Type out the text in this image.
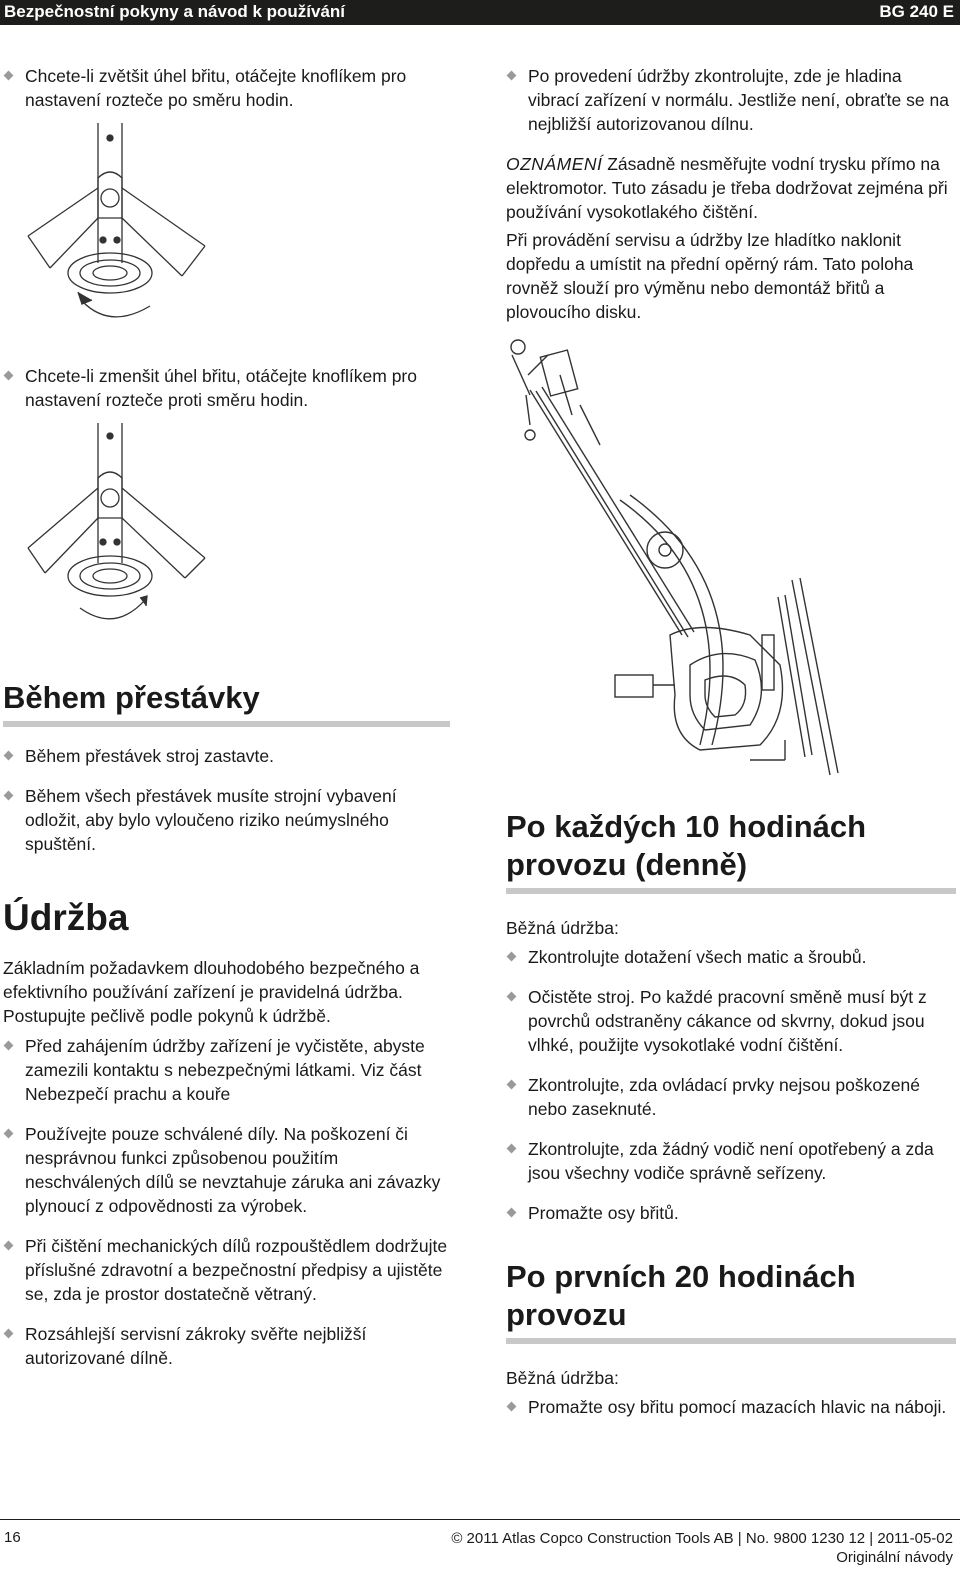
Bezpečnostní pokyny a návod k používání	BG 240 E
Chcete-li zvětšit úhel břitu, otáčejte knoflíkem pro nastavení rozteče po směru hodin.
Chcete-li zmenšit úhel břitu, otáčejte knoflíkem pro nastavení rozteče proti směru hodin.
Během přestávky
Během přestávek stroj zastavte.
Během všech přestávek musíte strojní vybavení odložit, aby bylo vyloučeno riziko neúmyslného spuštění.
Údržba

Základním požadavkem dlouhodobého bezpečného a efektivního používání zařízení je pravidelná údržba. Postupujte pečlivě podle pokynů k údržbě.

Před zahájením údržby zařízení je vyčistěte, abyste zamezili kontaktu s nebezpečnými látkami. Viz část Nebezpečí prachu a kouře
Používejte pouze schválené díly. Na poškození či nesprávnou funkci způsobenou použitím neschválených dílů se nevztahuje záruka ani závazky plynoucí z odpovědnosti za výrobek.
Při čištění mechanických dílů rozpouštědlem dodržujte příslušné zdravotní a bezpečnostní předpisy a ujistěte se, zda je prostor dostatečně větraný.
Rozsáhlejší servisní zákroky svěřte nejbližší autorizované dílně.
Po provedení údržby zkontrolujte, zde je hladina vibrací zařízení v normálu. Jestliže není, obraťte se na nejbližší autorizovanou dílnu.

OZNÁMENÍ Zásadně nesměřujte vodní trysku přímo na elektromotor. Tuto zásadu je třeba dodržovat zejména při používání vysokotlakého čištění.

Při provádění servisu a údržby lze hladítko naklonit dopředu a umístit na přední opěrný rám. Tato poloha rovněž slouží pro výměnu nebo demontáž břitů a plovoucího disku.

Po každých 10 hodinách provozu (denně)

Běžná údržba:

Zkontrolujte dotažení všech matic a šroubů.
Očistěte stroj. Po každé pracovní směně musí být z povrchů odstraněny cákance od skvrny, dokud jsou vlhké, použijte vysokotlaké vodní čištění.
Zkontrolujte, zda ovládací prvky nejsou poškozené nebo zaseknuté.
Zkontrolujte, zda žádný vodič není opotřebený a zda jsou všechny vodiče správně seřízeny.
Promažte osy břitů.
Po prvních 20 hodinách provozu

Běžná údržba:

Promažte osy břitu pomocí mazacích hlavic na náboji.
16	© 2011 Atlas Copco Construction Tools AB | No. 9800 1230 12 | 2011-05-02
Originální návody
